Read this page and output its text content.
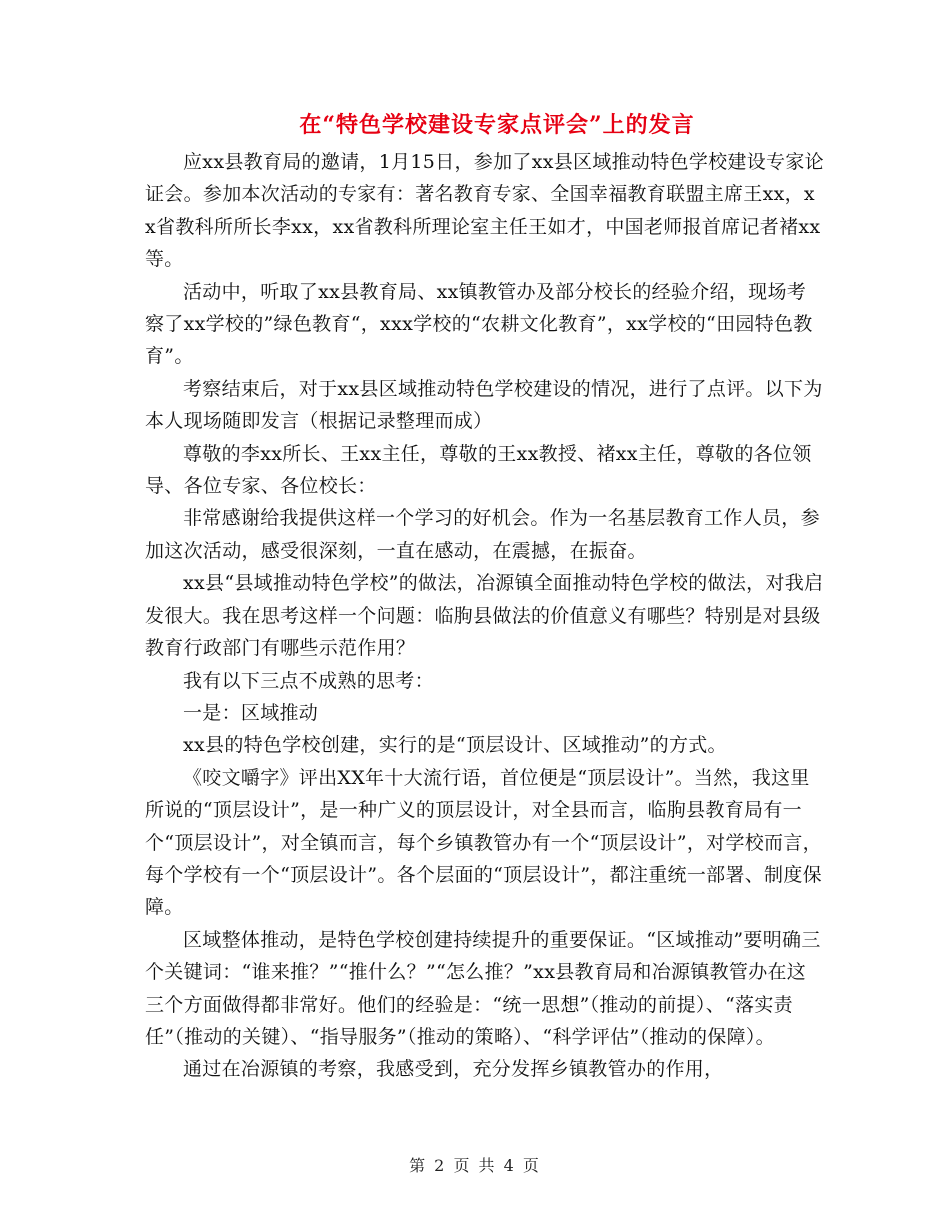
在“特色学校建设专家点评会”上的发言

应xx县教育局的邀请，1月15日，参加了xx县区域推动特色学校建设专家论证会。参加本次活动的专家有：著名教育专家、全国幸福教育联盟主席王xx，xx省教科所所长李xx，xx省教科所理论室主任王如才，中国老师报首席记者褚xx等。

活动中，听取了xx县教育局、xx镇教管办及部分校长的经验介绍，现场考察了xx学校的”绿色教育“，xxx学校的“农耕文化教育”，xx学校的“田园特色教育”。

考察结束后，对于xx县区域推动特色学校建设的情况，进行了点评。以下为本人现场随即发言（根据记录整理而成）

尊敬的李xx所长、王xx主任，尊敬的王xx教授、褚xx主任，尊敬的各位领导、各位专家、各位校长：

非常感谢给我提供这样一个学习的好机会。作为一名基层教育工作人员，参加这次活动，感受很深刻，一直在感动，在震撼，在振奋。

xx县“县域推动特色学校”的做法，冶源镇全面推动特色学校的做法，对我启发很大。我在思考这样一个问题：临朐县做法的价值意义有哪些？特别是对县级教育行政部门有哪些示范作用？

我有以下三点不成熟的思考：

一是：区域推动

xx县的特色学校创建，实行的是“顶层设计、区域推动”的方式。

《咬文嚼字》评出XX年十大流行语，首位便是“顶层设计”。当然，我这里所说的“顶层设计”，是一种广义的顶层设计，对全县而言，临朐县教育局有一个“顶层设计”，对全镇而言，每个乡镇教管办有一个“顶层设计”，对学校而言，每个学校有一个“顶层设计”。各个层面的“顶层设计”，都注重统一部署、制度保障。

区域整体推动，是特色学校创建持续提升的重要保证。“区域推动”要明确三个关键词：“谁来推？”“推什么？”“怎么推？”xx县教育局和冶源镇教管办在这三个方面做得都非常好。他们的经验是：“统一思想”（推动的前提）、“落实责任”（推动的关键）、“指导服务”（推动的策略）、“科学评估”（推动的保障）。

通过在冶源镇的考察，我感受到，充分发挥乡镇教管办的作用，

第 2 页 共 4 页
